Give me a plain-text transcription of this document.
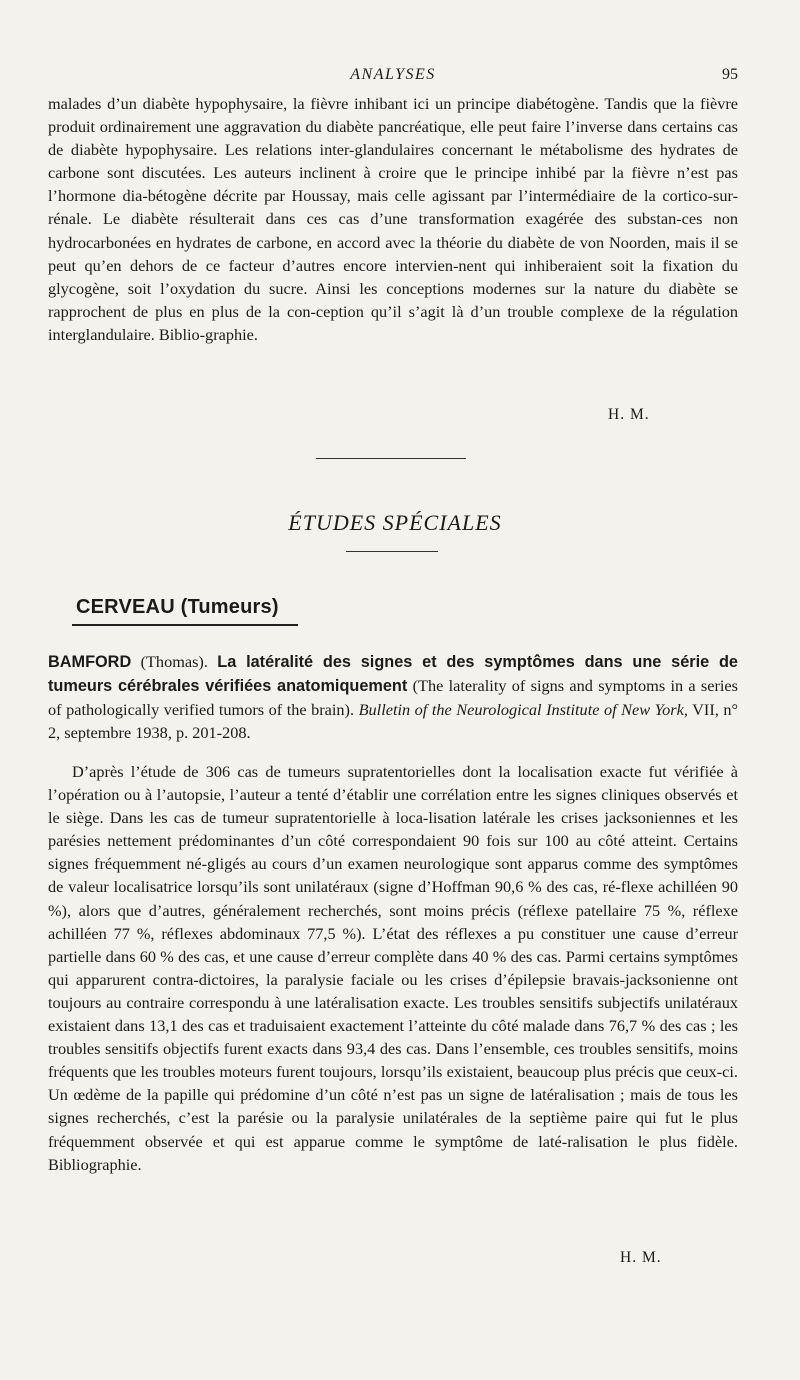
ANALYSES	95

malades d’un diabète hypophysaire, la fièvre inhibant ici un principe diabétogène. Tandis que la fièvre produit ordinairement une aggravation du diabète pancréatique, elle peut faire l’inverse dans certains cas de diabète hypophysaire. Les relations inter-glandulaires concernant le métabolisme des hydrates de carbone sont discutées. Les auteurs inclinent à croire que le principe inhibé par la fièvre n’est pas l’hormone dia-bétogène décrite par Houssay, mais celle agissant par l’intermédiaire de la cortico-sur-rénale. Le diabète résulterait dans ces cas d’une transformation exagérée des substan-ces non hydrocarbonées en hydrates de carbone, en accord avec la théorie du diabète de von Noorden, mais il se peut qu’en dehors de ce facteur d’autres encore intervien-nent qui inhiberaient soit la fixation du glycogène, soit l’oxydation du sucre. Ainsi les conceptions modernes sur la nature du diabète se rapprochent de plus en plus de la con-ception qu’il s’agit là d’un trouble complexe de la régulation interglandulaire. Biblio-graphie.

H. M.
ÉTUDES SPÉCIALES
CERVEAU (Tumeurs)
BAMFORD (Thomas). La latéralité des signes et des symptômes dans une série de tumeurs cérébrales vérifiées anatomiquement (The laterality of signs and symptoms in a series of pathologically verified tumors of the brain). Bulletin of the Neurological Institute of New York, VII, n° 2, septembre 1938, p. 201-208.

D’après l’étude de 306 cas de tumeurs supratentorielles dont la localisation exacte fut vérifiée à l’opération ou à l’autopsie, l’auteur a tenté d’établir une corrélation entre les signes cliniques observés et le siège. Dans les cas de tumeur supratentorielle à loca-lisation latérale les crises jacksoniennes et les parésies nettement prédominantes d’un côté correspondaient 90 fois sur 100 au côté atteint. Certains signes fréquemment né-gligés au cours d’un examen neurologique sont apparus comme des symptômes de valeur localisatrice lorsqu’ils sont unilatéraux (signe d’Hoffman 90,6 % des cas, ré-flexe achilléen 90 %), alors que d’autres, généralement recherchés, sont moins précis (réflexe patellaire 75 %, réflexe achilléen 77 %, réflexes abdominaux 77,5 %). L’état des réflexes a pu constituer une cause d’erreur partielle dans 60 % des cas, et une cause d’erreur complète dans 40 % des cas. Parmi certains symptômes qui apparurent contra-dictoires, la paralysie faciale ou les crises d’épilepsie bravais-jacksonienne ont toujours au contraire correspondu à une latéralisation exacte. Les troubles sensitifs subjectifs unilatéraux existaient dans 13,1 des cas et traduisaient exactement l’atteinte du côté malade dans 76,7 % des cas ; les troubles sensitifs objectifs furent exacts dans 93,4 des cas. Dans l’ensemble, ces troubles sensitifs, moins fréquents que les troubles moteurs furent toujours, lorsqu’ils existaient, beaucoup plus précis que ceux-ci. Un œdème de la papille qui prédomine d’un côté n’est pas un signe de latéralisation ; mais de tous les signes recherchés, c’est la parésie ou la paralysie unilatérales de la septième paire qui fut le plus fréquemment observée et qui est apparue comme le symptôme de laté-ralisation le plus fidèle. Bibliographie.

H. M.
